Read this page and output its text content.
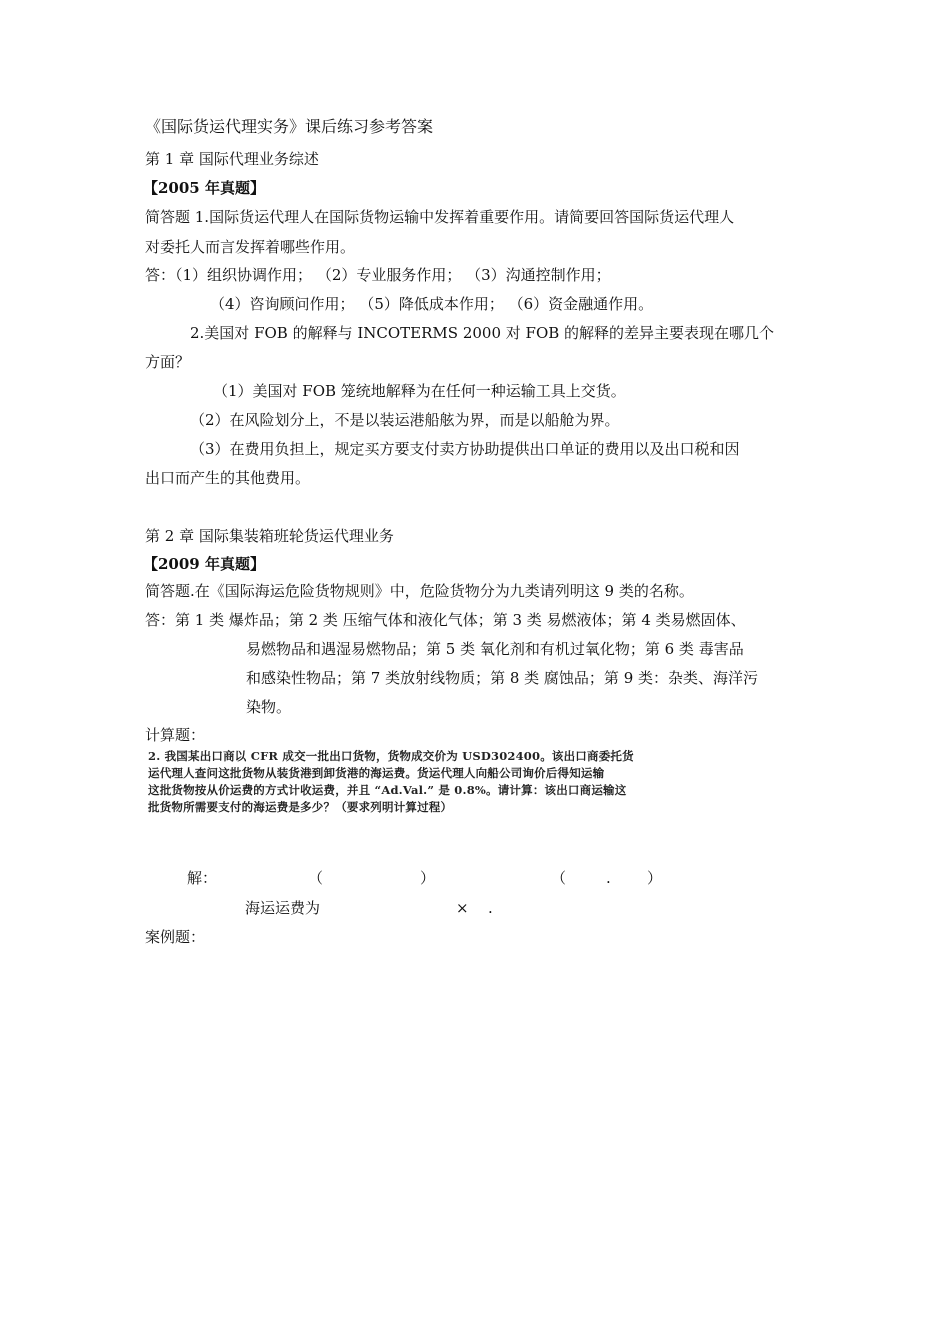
《国际货运代理实务》课后练习参考答案
第 1 章 国际代理业务综述
【2005 年真题】
简答题 1.国际货运代理人在国际货物运输中发挥着重要作用。请简要回答国际货运代理人
对委托人而言发挥着哪些作用。
答：（1）组织协调作用； （2）专业服务作用； （3）沟通控制作用；
（4）咨询顾问作用； （5）降低成本作用； （6）资金融通作用。
2.美国对 FOB 的解释与 INCOTERMS 2000 对 FOB 的解释的差异主要表现在哪几个
方面？
（1）美国对 FOB 笼统地解释为在任何一种运输工具上交货。
（2）在风险划分上，不是以装运港船舷为界，而是以船舱为界。
（3）在费用负担上，规定买方要支付卖方协助提供出口单证的费用以及出口税和因
出口而产生的其他费用。
第 2 章 国际集装箱班轮货运代理业务
【2009 年真题】
简答题.在《国际海运危险货物规则》中，危险货物分为九类请列明这 9 类的名称。
答：第 1 类 爆炸品；第 2 类 压缩气体和液化气体；第 3 类 易燃液体；第 4 类易燃固体、
易燃物品和遇湿易燃物品；第 5 类 氧化剂和有机过氧化物；第 6 类 毒害品
和感染性物品；第 7 类放射线物质；第 8 类 腐蚀品；第 9 类：杂类、海洋污
染物。
计算题：
2. 我国某出口商以 CFR 成交一批出口货物，货物成交价为 USD302400。该出口商委托货
运代理人查问这批货物从装货港到卸货港的海运费。货运代理人向船公司询价后得知运输
这批货物按从价运费的方式计收运费，并且 “Ad.Val.” 是 0.8%。请计算：该出口商运输这
批货物所需要支付的海运费是多少？（要求列明计算过程）
解：	（	）	（	. ）
海运运费为	× .
案例题：
